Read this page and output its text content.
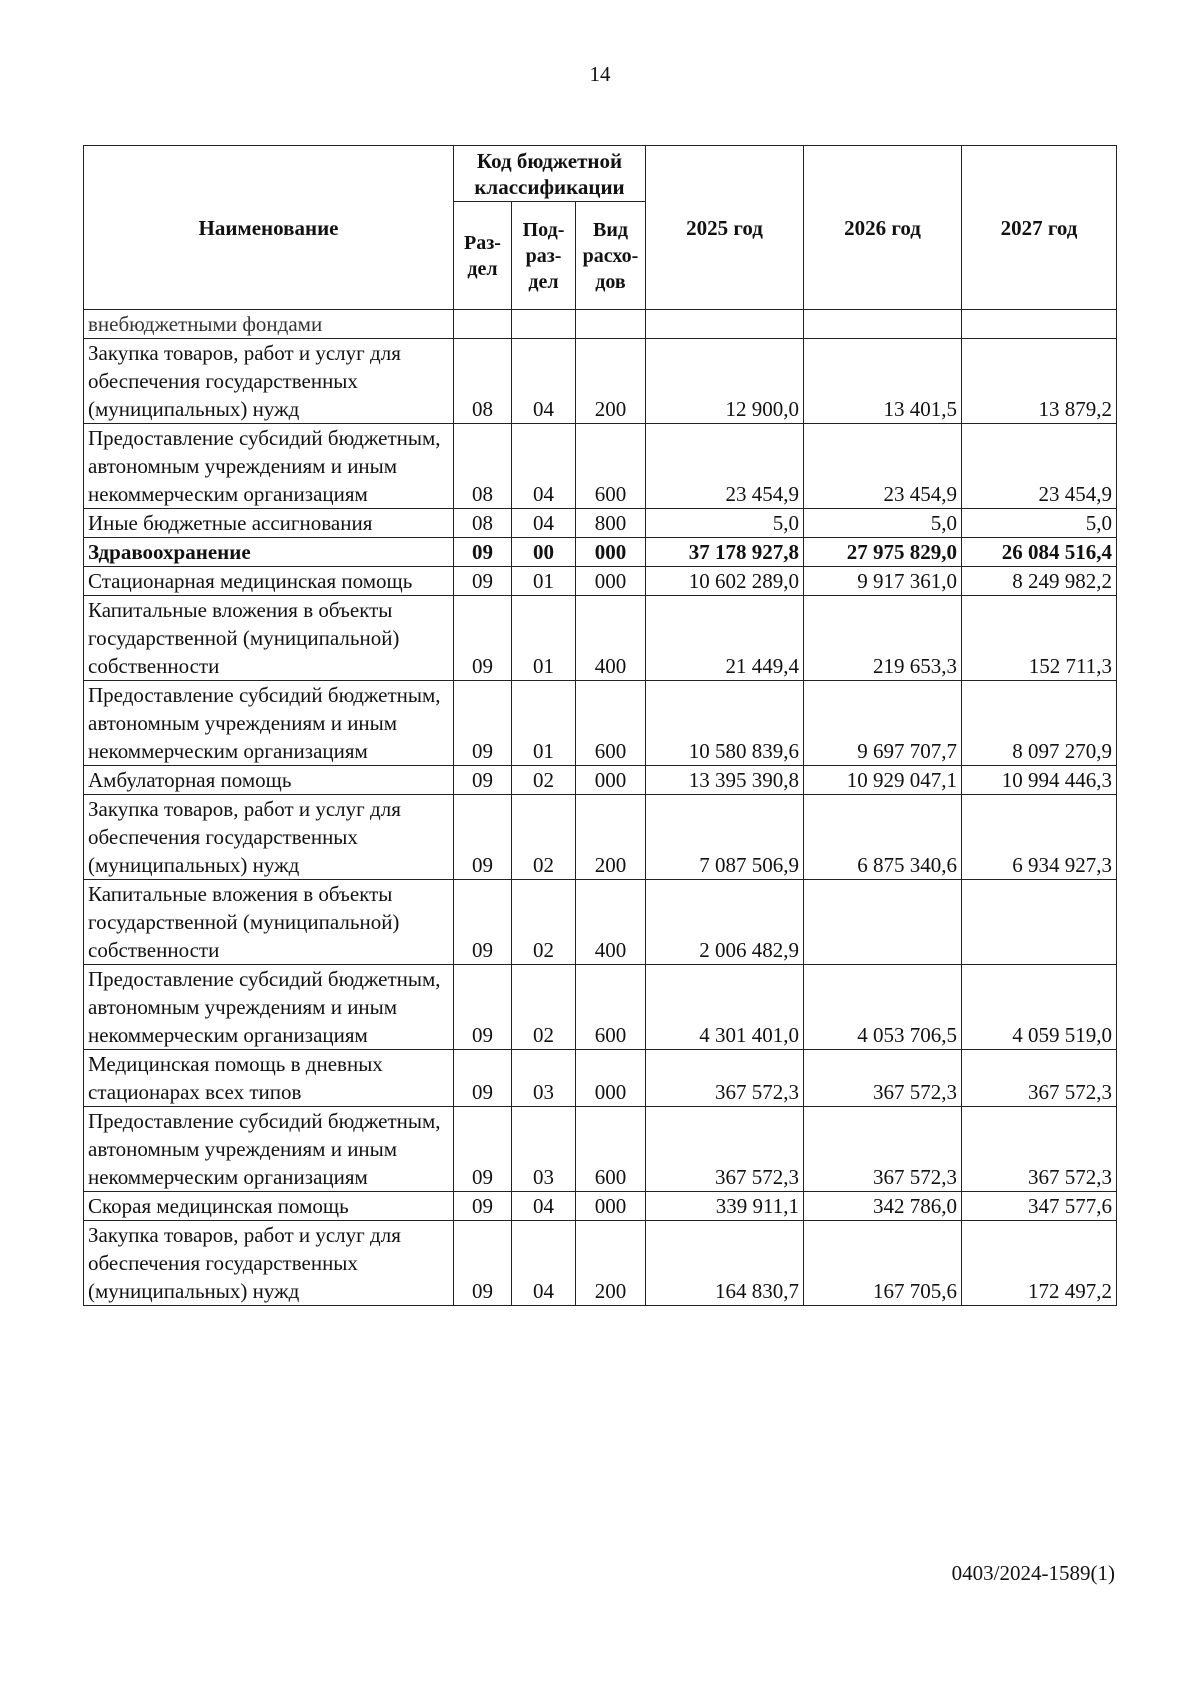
14
Наименование	Код бюджетной классификации			2025 год	2026 год	2027 год
	Раз-дел	Под-раз-дел	Вид расхо-дов			
внебюджетными фондами						
Закупка товаров, работ и услуг для обеспечения государственных (муниципальных) нужд	08	04	200	12 900,0	13 401,5	13 879,2
Предоставление субсидий бюджетным, автономным учреждениям и иным некоммерческим организациям	08	04	600	23 454,9	23 454,9	23 454,9
Иные бюджетные ассигнования	08	04	800	5,0	5,0	5,0
Здравоохранение	09	00	000	37 178 927,8	27 975 829,0	26 084 516,4
Стационарная медицинская помощь	09	01	000	10 602 289,0	9 917 361,0	8 249 982,2
Капитальные вложения в объекты государственной (муниципальной) собственности	09	01	400	21 449,4	219 653,3	152 711,3
Предоставление субсидий бюджетным, автономным учреждениям и иным некоммерческим организациям	09	01	600	10 580 839,6	9 697 707,7	8 097 270,9
Амбулаторная помощь	09	02	000	13 395 390,8	10 929 047,1	10 994 446,3
Закупка товаров, работ и услуг для обеспечения государственных (муниципальных) нужд	09	02	200	7 087 506,9	6 875 340,6	6 934 927,3
Капитальные вложения в объекты государственной (муниципальной) собственности	09	02	400	2 006 482,9		
Предоставление субсидий бюджетным, автономным учреждениям и иным некоммерческим организациям	09	02	600	4 301 401,0	4 053 706,5	4 059 519,0
Медицинская помощь в дневных стационарах всех типов	09	03	000	367 572,3	367 572,3	367 572,3
Предоставление субсидий бюджетным, автономным учреждениям и иным некоммерческим организациям	09	03	600	367 572,3	367 572,3	367 572,3
Скорая медицинская помощь	09	04	000	339 911,1	342 786,0	347 577,6
Закупка товаров, работ и услуг для обеспечения государственных (муниципальных) нужд	09	04	200	164 830,7	167 705,6	172 497,2
0403/2024-1589(1)
